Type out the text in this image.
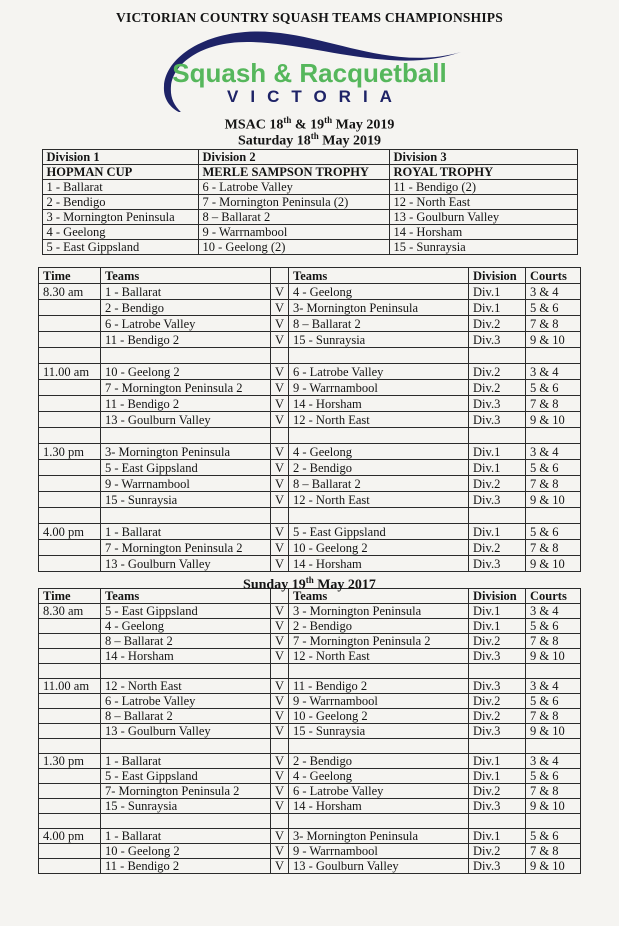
VICTORIAN COUNTRY SQUASH TEAMS CHAMPIONSHIPS
Squash & Racquetball
VICTORIA
MSAC 18th & 19th May 2019
Saturday 18th May 2019
Division 1	Division 2	Division 3
HOPMAN CUP	MERLE SAMPSON TROPHY	ROYAL TROPHY
1 - Ballarat	6 - Latrobe Valley	11 - Bendigo (2)
2 - Bendigo	7 - Mornington Peninsula (2)	12 - North East
3 - Mornington Peninsula	8 – Ballarat 2	13 - Goulburn Valley
4 - Geelong	9 - Warrnambool	14 - Horsham
5 - East Gippsland	10 - Geelong (2)	15 - Sunraysia
Time	Teams		Teams	Division	Courts
8.30 am	1 - Ballarat	V	4 - Geelong	Div.1	3 & 4
	2 - Bendigo	V	3- Mornington Peninsula	Div.1	5 & 6
	6 - Latrobe Valley	V	8 – Ballarat 2	Div.2	7 & 8
	11 - Bendigo 2	V	15 - Sunraysia	Div.3	9 & 10

11.00 am	10 - Geelong 2	V	6 - Latrobe Valley	Div.2	3 & 4
	7 - Mornington Peninsula 2	V	9 - Warrnambool	Div.2	5 & 6
	11 - Bendigo 2	V	14 - Horsham	Div.3	7 & 8
	13 - Goulburn Valley	V	12 - North East	Div.3	9 & 10

1.30 pm	3- Mornington Peninsula	V	4 - Geelong	Div.1	3 & 4
	5 - East Gippsland	V	2 - Bendigo	Div.1	5 & 6
	9 - Warrnambool	V	8 – Ballarat 2	Div.2	7 & 8
	15 - Sunraysia	V	12 - North East	Div.3	9 & 10

4.00 pm	1 - Ballarat	V	5 - East Gippsland	Div.1	5 & 6
	7 - Mornington Peninsula 2	V	10 - Geelong 2	Div.2	7 & 8
	13 - Goulburn Valley	V	14 - Horsham	Div.3	9 & 10
Sunday 19th May 2017
Time	Teams		Teams	Division	Courts
8.30 am	5 - East Gippsland	V	3 - Mornington Peninsula	Div.1	3 & 4
	4 - Geelong	V	2 - Bendigo	Div.1	5 & 6
	8 – Ballarat 2	V	7 - Mornington Peninsula 2	Div.2	7 & 8
	14 - Horsham	V	12 - North East	Div.3	9 & 10

11.00 am	12 - North East	V	11 - Bendigo 2	Div.3	3 & 4
	6 - Latrobe Valley	V	9 - Warrnambool	Div.2	5 & 6
	8 – Ballarat 2	V	10 - Geelong 2	Div.2	7 & 8
	13 - Goulburn Valley	V	15 - Sunraysia	Div.3	9 & 10

1.30 pm	1 - Ballarat	V	2 - Bendigo	Div.1	3 & 4
	5 - East Gippsland	V	4 - Geelong	Div.1	5 & 6
	7- Mornington Peninsula 2	V	6 - Latrobe Valley	Div.2	7 & 8
	15 - Sunraysia	V	14 - Horsham	Div.3	9 & 10

4.00 pm	1 - Ballarat	V	3- Mornington Peninsula	Div.1	5 & 6
	10 - Geelong 2	V	9 - Warrnambool	Div.2	7 & 8
	11 - Bendigo 2	V	13 - Goulburn Valley	Div.3	9 & 10
